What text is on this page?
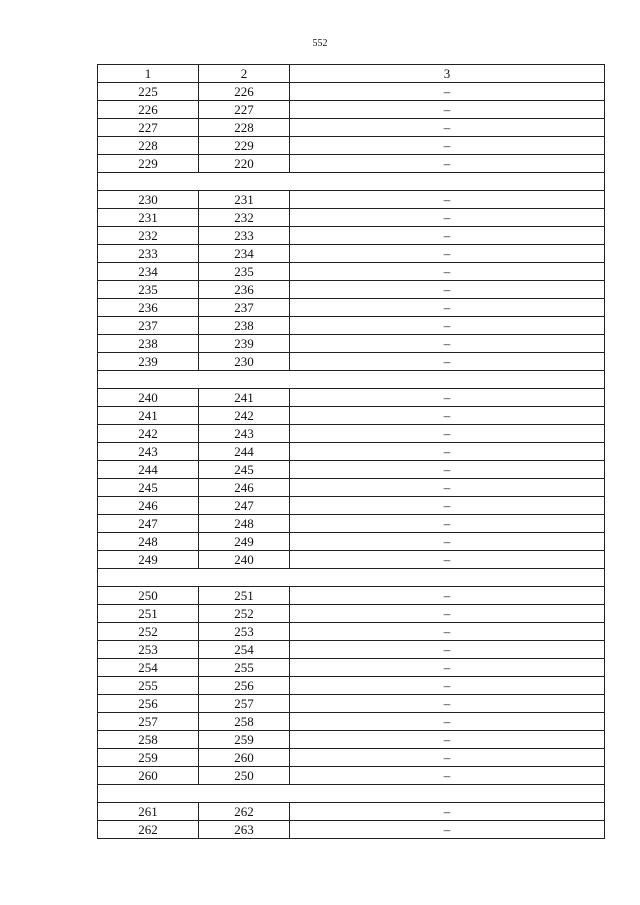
552
1	2	3
225	226	–
226	227	–
227	228	–
228	229	–
229	220	–

230	231	–
231	232	–
232	233	–
233	234	–
234	235	–
235	236	–
236	237	–
237	238	–
238	239	–
239	230	–

240	241	–
241	242	–
242	243	–
243	244	–
244	245	–
245	246	–
246	247	–
247	248	–
248	249	–
249	240	–

250	251	–
251	252	–
252	253	–
253	254	–
254	255	–
255	256	–
256	257	–
257	258	–
258	259	–
259	260	–
260	250	–

261	262	–
262	263	–
